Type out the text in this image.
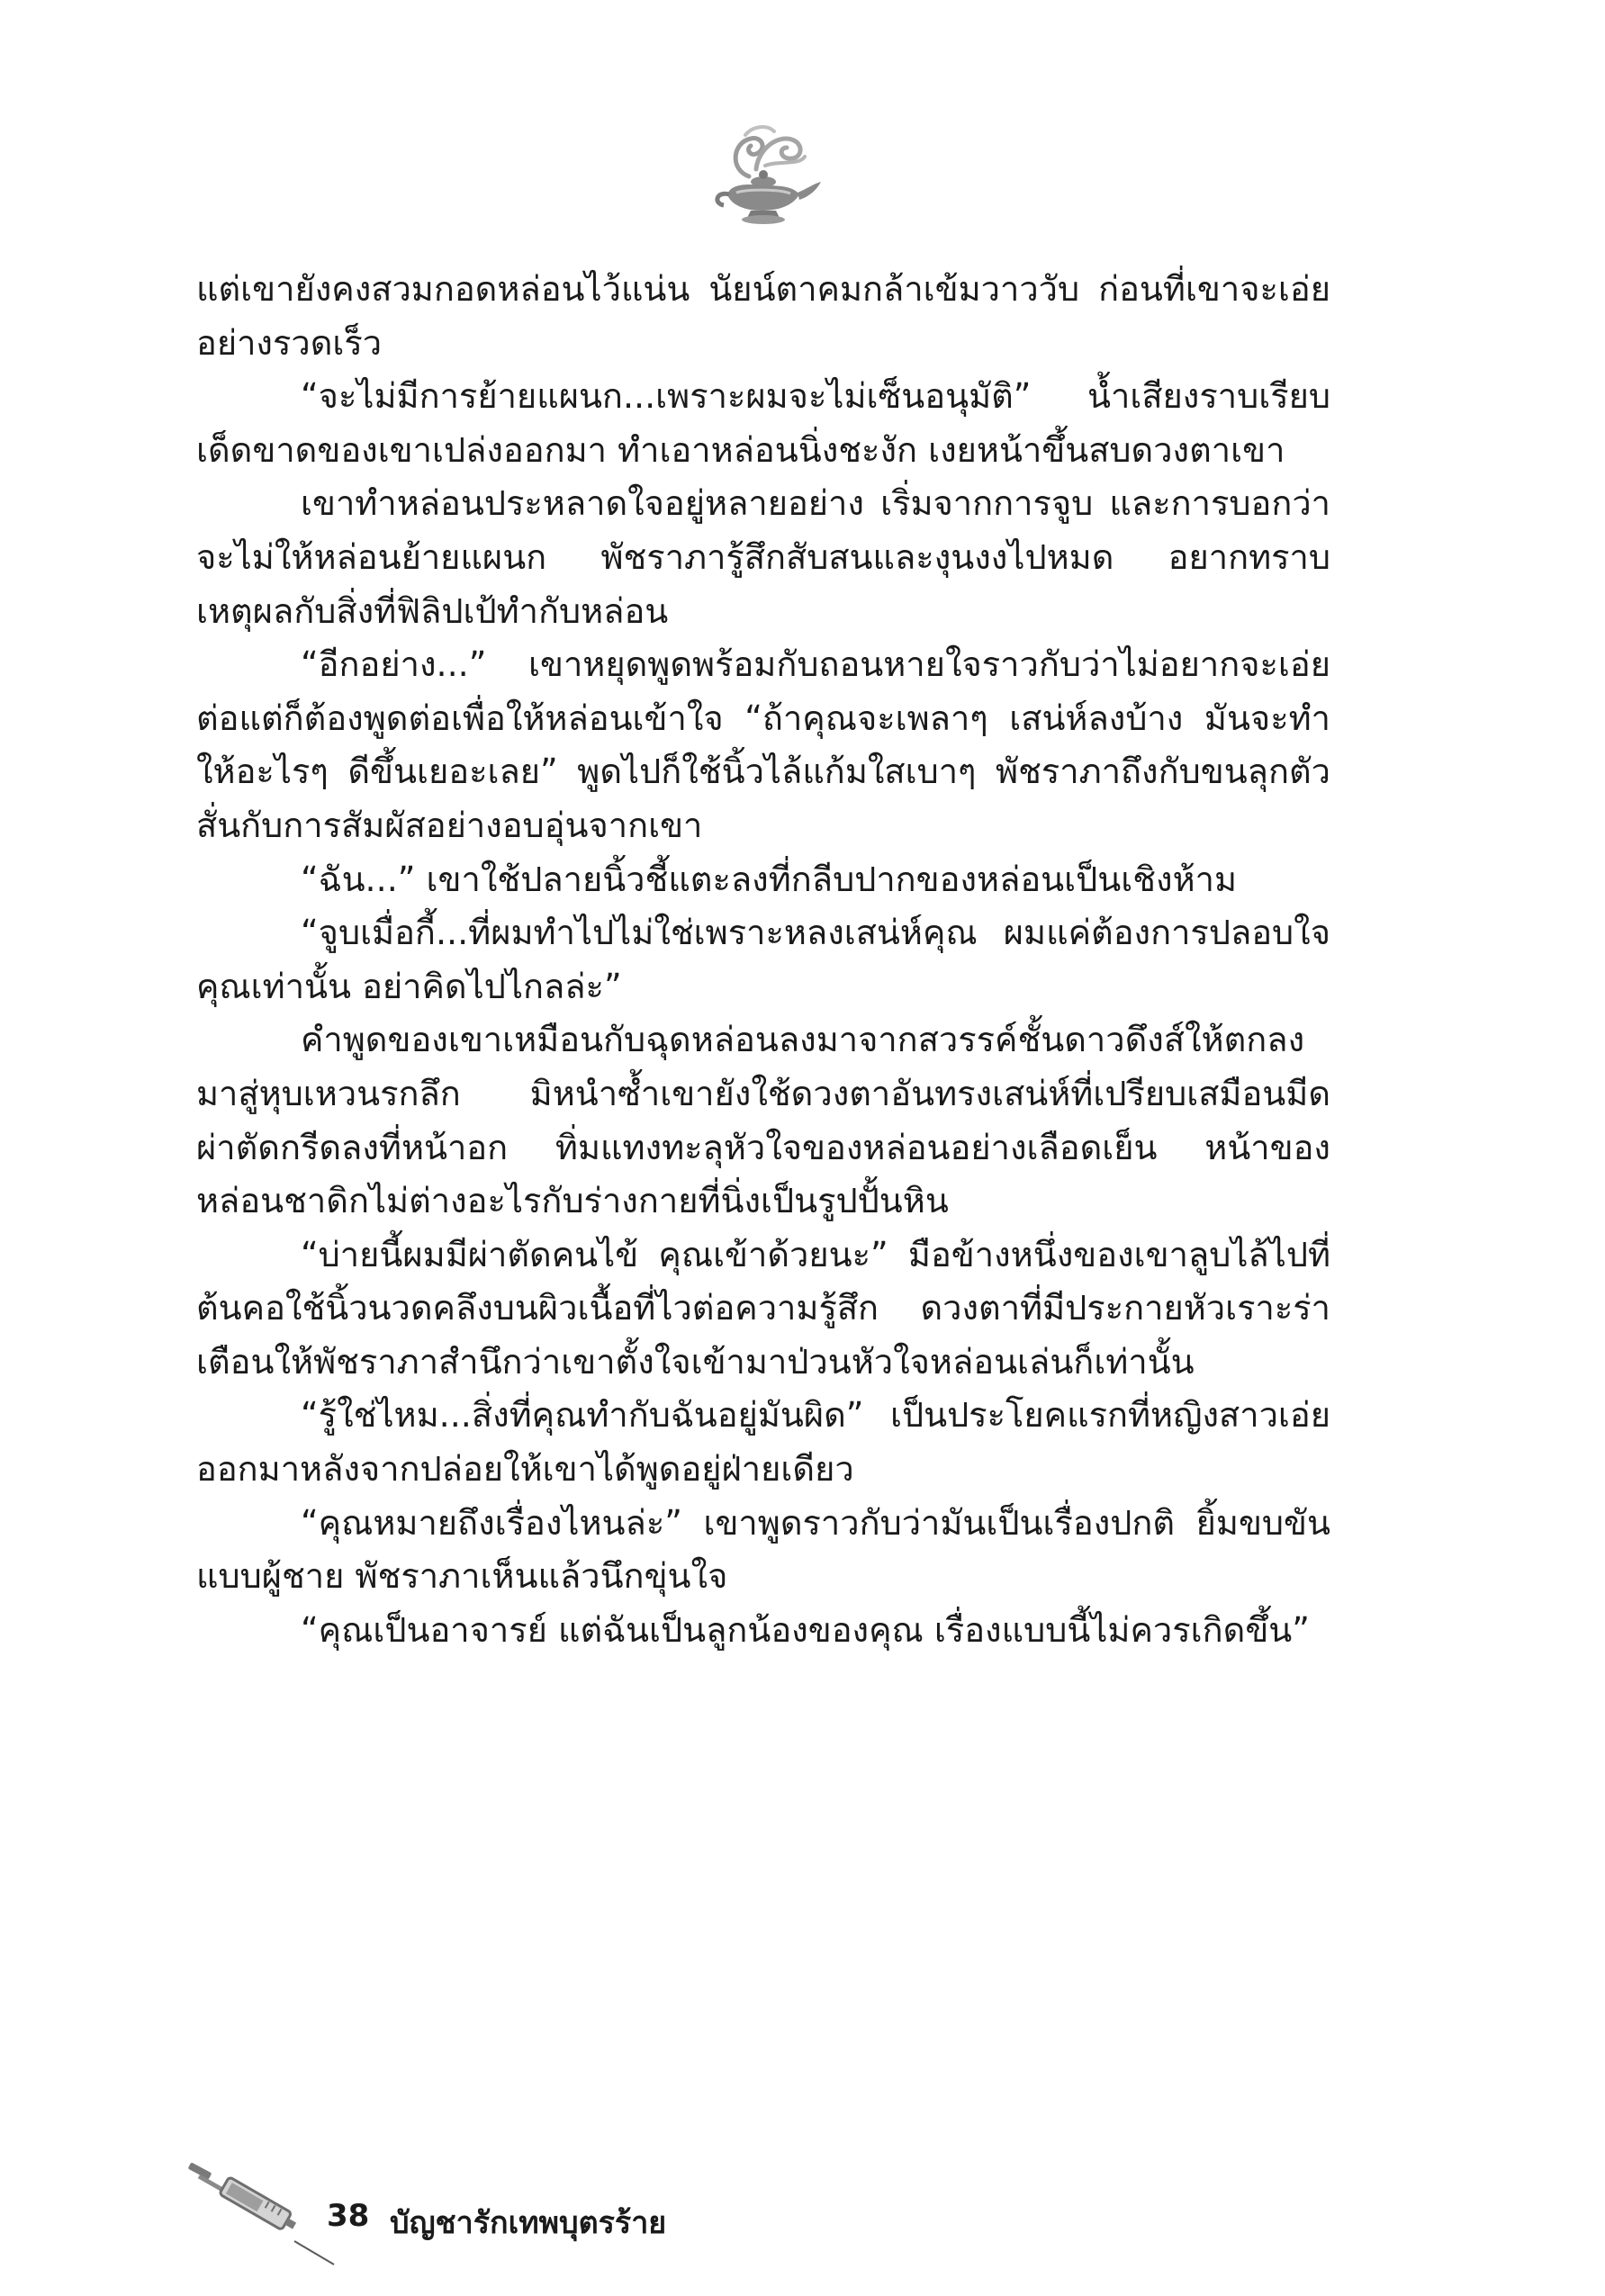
แต่เขายังคงสวมกอดหล่อนไว้แน่น นัยน์ตาคมกล้าเข้มวาววับ ก่อนที่เขาจะเอ่ยอย่างรวดเร็ว

“จะไม่มีการย้ายแผนก...เพราะผมจะไม่เซ็นอนุมัติ” น้ำเสียงราบเรียบเด็ดขาดของเขาเปล่งออกมา ทำเอาหล่อนนิ่งชะงัก เงยหน้าขึ้นสบดวงตาเขา

เขาทำหล่อนประหลาดใจอยู่หลายอย่าง เริ่มจากการจูบ และการบอกว่าจะไม่ให้หล่อนย้ายแผนก พัชราภารู้สึกสับสนและงุนงงไปหมด อยากทราบเหตุผลกับสิ่งที่ฟิลิปเป้ทำกับหล่อน

“อีกอย่าง...” เขาหยุดพูดพร้อมกับถอนหายใจราวกับว่าไม่อยากจะเอ่ยต่อแต่ก็ต้องพูดต่อเพื่อให้หล่อนเข้าใจ “ถ้าคุณจะเพลาๆ เสน่ห์ลงบ้าง มันจะทำให้อะไรๆ ดีขึ้นเยอะเลย” พูดไปก็ใช้นิ้วไล้แก้มใสเบาๆ พัชราภาถึงกับขนลุกตัวสั่นกับการสัมผัสอย่างอบอุ่นจากเขา

“ฉัน...” เขาใช้ปลายนิ้วชี้แตะลงที่กลีบปากของหล่อนเป็นเชิงห้าม

“จูบเมื่อกี้...ที่ผมทำไปไม่ใช่เพราะหลงเสน่ห์คุณ ผมแค่ต้องการปลอบใจคุณเท่านั้น อย่าคิดไปไกลล่ะ”

คำพูดของเขาเหมือนกับฉุดหล่อนลงมาจากสวรรค์ชั้นดาวดึงส์ให้ตกลงมาสู่หุบเหวนรกลึก มิหนำซ้ำเขายังใช้ดวงตาอันทรงเสน่ห์ที่เปรียบเสมือนมีดผ่าตัดกรีดลงที่หน้าอก ทิ่มแทงทะลุหัวใจของหล่อนอย่างเลือดเย็น หน้าของหล่อนชาดิกไม่ต่างอะไรกับร่างกายที่นิ่งเป็นรูปปั้นหิน

“บ่ายนี้ผมมีผ่าตัดคนไข้ คุณเข้าด้วยนะ” มือข้างหนึ่งของเขาลูบไล้ไปที่ต้นคอใช้นิ้วนวดคลึงบนผิวเนื้อที่ไวต่อความรู้สึก ดวงตาที่มีประกายหัวเราะร่าเตือนให้พัชราภาสำนึกว่าเขาตั้งใจเข้ามาป่วนหัวใจหล่อนเล่นก็เท่านั้น

“รู้ใช่ไหม...สิ่งที่คุณทำกับฉันอยู่มันผิด” เป็นประโยคแรกที่หญิงสาวเอ่ยออกมาหลังจากปล่อยให้เขาได้พูดอยู่ฝ่ายเดียว

“คุณหมายถึงเรื่องไหนล่ะ” เขาพูดราวกับว่ามันเป็นเรื่องปกติ ยิ้มขบขันแบบผู้ชาย พัชราภาเห็นแล้วนึกขุ่นใจ

“คุณเป็นอาจารย์ แต่ฉันเป็นลูกน้องของคุณ เรื่องแบบนี้ไม่ควรเกิดขึ้น”

38 บัญชารักเทพบุตรร้าย
